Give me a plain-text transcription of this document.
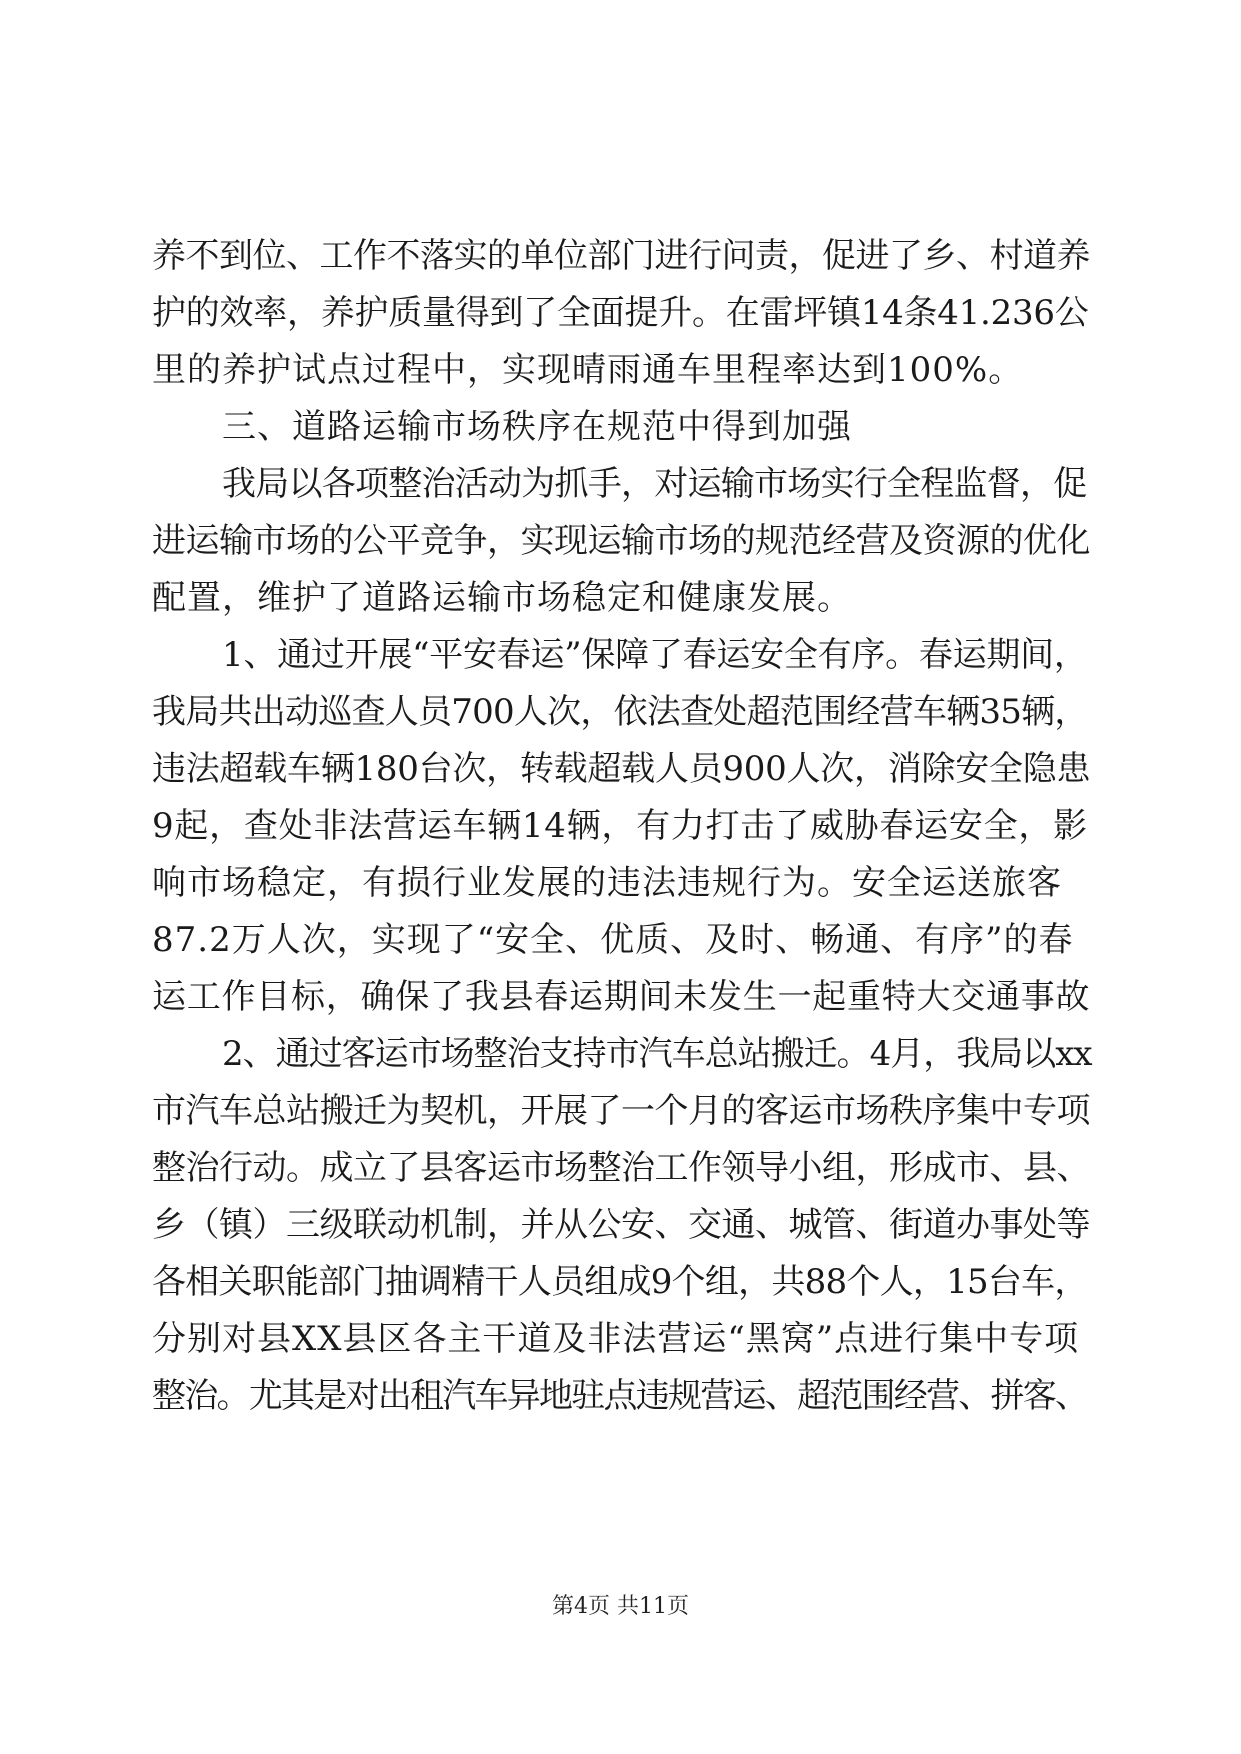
养不到位、工作不落实的单位部门进行问责，促进了乡、村道养
护的效率，养护质量得到了全面提升。在雷坪镇14条41.236公
里的养护试点过程中，实现晴雨通车里程率达到100%。
三、道路运输市场秩序在规范中得到加强
我局以各项整治活动为抓手，对运输市场实行全程监督，促
进运输市场的公平竞争，实现运输市场的规范经营及资源的优化
配置，维护了道路运输市场稳定和健康发展。
1、通过开展“平安春运”保障了春运安全有序。春运期间，
我局共出动巡查人员700人次，依法查处超范围经营车辆35辆，
违法超载车辆180台次，转载超载人员900人次，消除安全隐患
9起，查处非法营运车辆14辆，有力打击了威胁春运安全，影
响市场稳定，有损行业发展的违法违规行为。安全运送旅客
87.2万人次，实现了“安全、优质、及时、畅通、有序”的春
运工作目标，确保了我县春运期间未发生一起重特大交通事故
2、通过客运市场整治支持市汽车总站搬迁。4月，我局以xx
市汽车总站搬迁为契机，开展了一个月的客运市场秩序集中专项
整治行动。成立了县客运市场整治工作领导小组，形成市、县、
乡（镇）三级联动机制，并从公安、交通、城管、街道办事处等
各相关职能部门抽调精干人员组成9个组，共88个人，15台车，
分别对县XX县区各主干道及非法营运“黑窝”点进行集中专项
整治。尤其是对出租汽车异地驻点违规营运、超范围经营、拼客、
第4页 共11页
